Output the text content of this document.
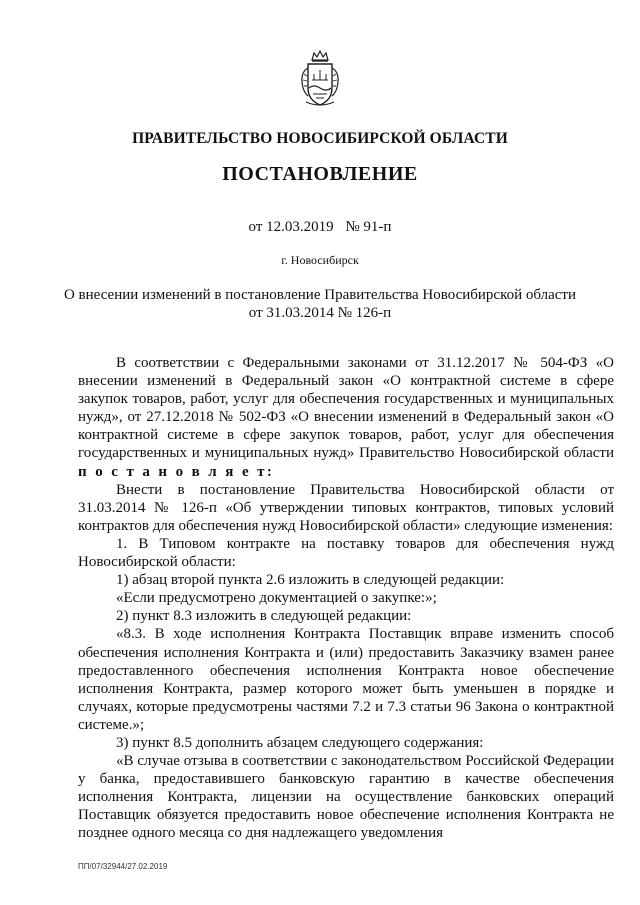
ПРАВИТЕЛЬСТВО НОВОСИБИРСКОЙ ОБЛАСТИ
ПОСТАНОВЛЕНИЕ
от 12.03.2019 № 91-п
г. Новосибирск
О внесении изменений в постановление Правительства Новосибирской области
от 31.03.2014 № 126-п

В соответствии с Федеральными законами от 31.12.2017 № 504-ФЗ «О внесении изменений в Федеральный закон «О контрактной системе в сфере закупок товаров, работ, услуг для обеспечения государственных и муниципальных нужд», от 27.12.2018 № 502-ФЗ «О внесении изменений в Федеральный закон «О контрактной системе в сфере закупок товаров, работ, услуг для обеспечения государственных и муниципальных нужд» Правительство Новосибирской области п о с т а н о в л я е т:

Внести в постановление Правительства Новосибирской области от 31.03.2014 № 126-п «Об утверждении типовых контрактов, типовых условий контрактов для обеспечения нужд Новосибирской области» следующие изменения:

1. В Типовом контракте на поставку товаров для обеспечения нужд Новосибирской области:

1) абзац второй пункта 2.6 изложить в следующей редакции:

«Если предусмотрено документацией о закупке:»;

2) пункт 8.3 изложить в следующей редакции:

«8.3. В ходе исполнения Контракта Поставщик вправе изменить способ обеспечения исполнения Контракта и (или) предоставить Заказчику взамен ранее предоставленного обеспечения исполнения Контракта новое обеспечение исполнения Контракта, размер которого может быть уменьшен в порядке и случаях, которые предусмотрены частями 7.2 и 7.3 статьи 96 Закона о контрактной системе.»;

3) пункт 8.5 дополнить абзацем следующего содержания:

«В случае отзыва в соответствии с законодательством Российской Федерации у банка, предоставившего банковскую гарантию в качестве обеспечения исполнения Контракта, лицензии на осуществление банковских операций Поставщик обязуется предоставить новое обеспечение исполнения Контракта не позднее одного месяца со дня надлежащего уведомления

ПП/07/32944/27.02.2019
